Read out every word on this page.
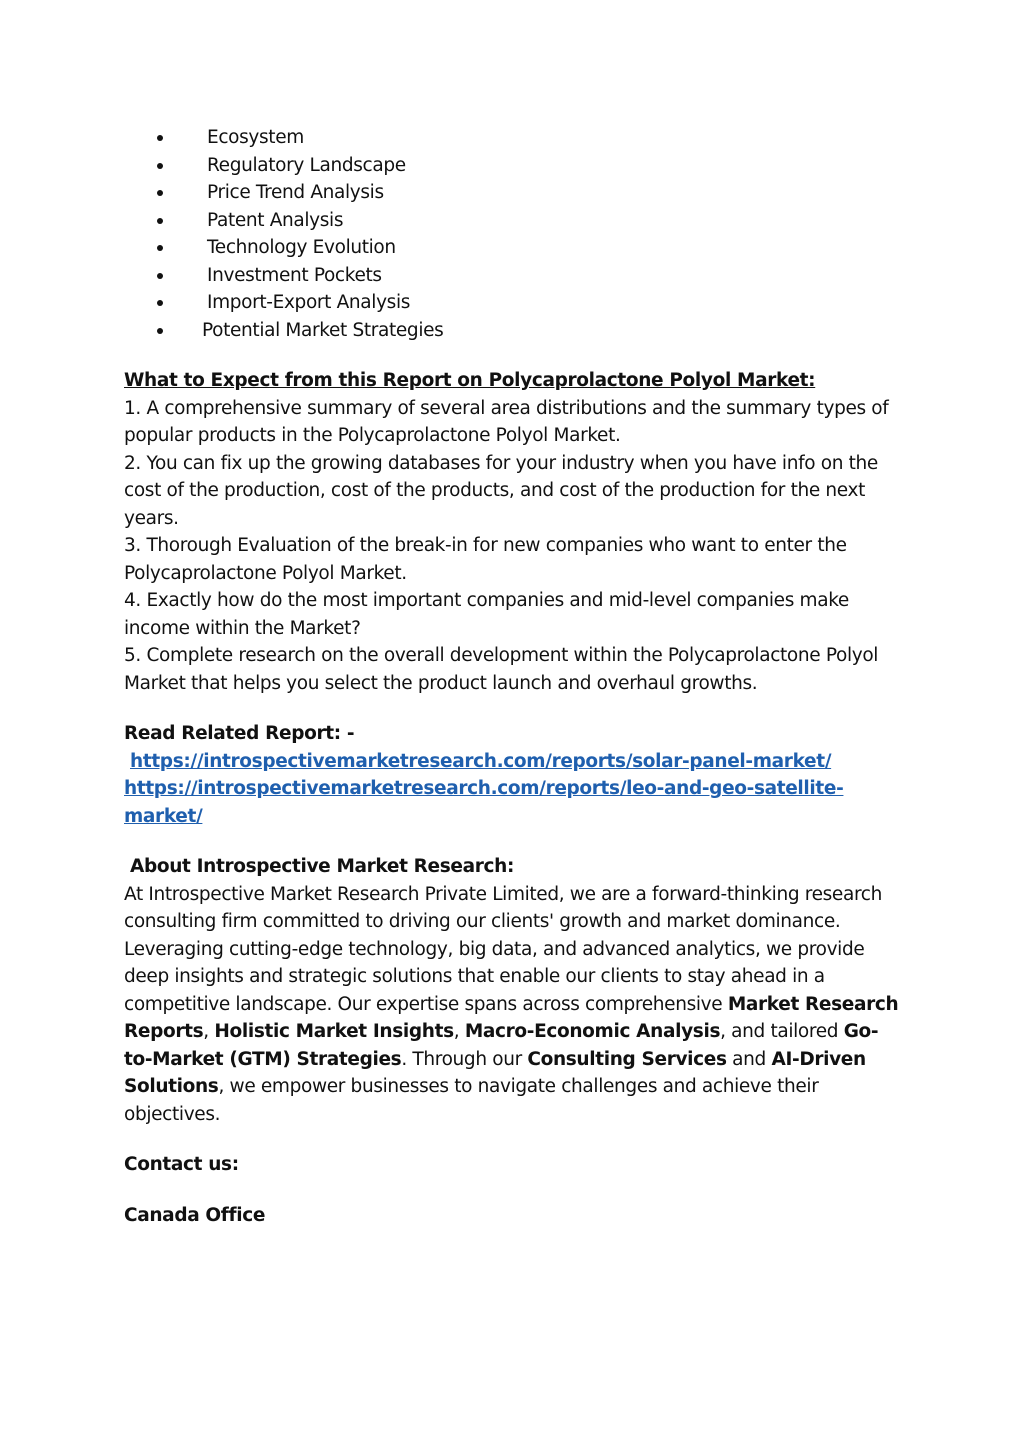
Ecosystem
Regulatory Landscape
Price Trend Analysis
Patent Analysis
Technology Evolution
Investment Pockets
Import-Export Analysis
Potential Market Strategies
What to Expect from this Report on Polycaprolactone Polyol Market:

1. A comprehensive summary of several area distributions and the summary types of popular products in the Polycaprolactone Polyol Market.

2. You can fix up the growing databases for your industry when you have info on the cost of the production, cost of the products, and cost of the production for the next years.

3. Thorough Evaluation of the break-in for new companies who want to enter the Polycaprolactone Polyol Market.

4. Exactly how do the most important companies and mid-level companies make income within the Market?

5. Complete research on the overall development within the Polycaprolactone Polyol Market that helps you select the product launch and overhaul growths.

Read Related Report: -

https://introspectivemarketresearch.com/reports/solar-panel-market/

https://introspectivemarketresearch.com/reports/leo-and-geo-satellite-market/

About Introspective Market Research:

At Introspective Market Research Private Limited, we are a forward-thinking research consulting firm committed to driving our clients' growth and market dominance. Leveraging cutting-edge technology, big data, and advanced analytics, we provide deep insights and strategic solutions that enable our clients to stay ahead in a competitive landscape. Our expertise spans across comprehensive Market Research Reports, Holistic Market Insights, Macro-Economic Analysis, and tailored Go-to-Market (GTM) Strategies. Through our Consulting Services and AI-Driven Solutions, we empower businesses to navigate challenges and achieve their objectives.

Contact us:

Canada Office
